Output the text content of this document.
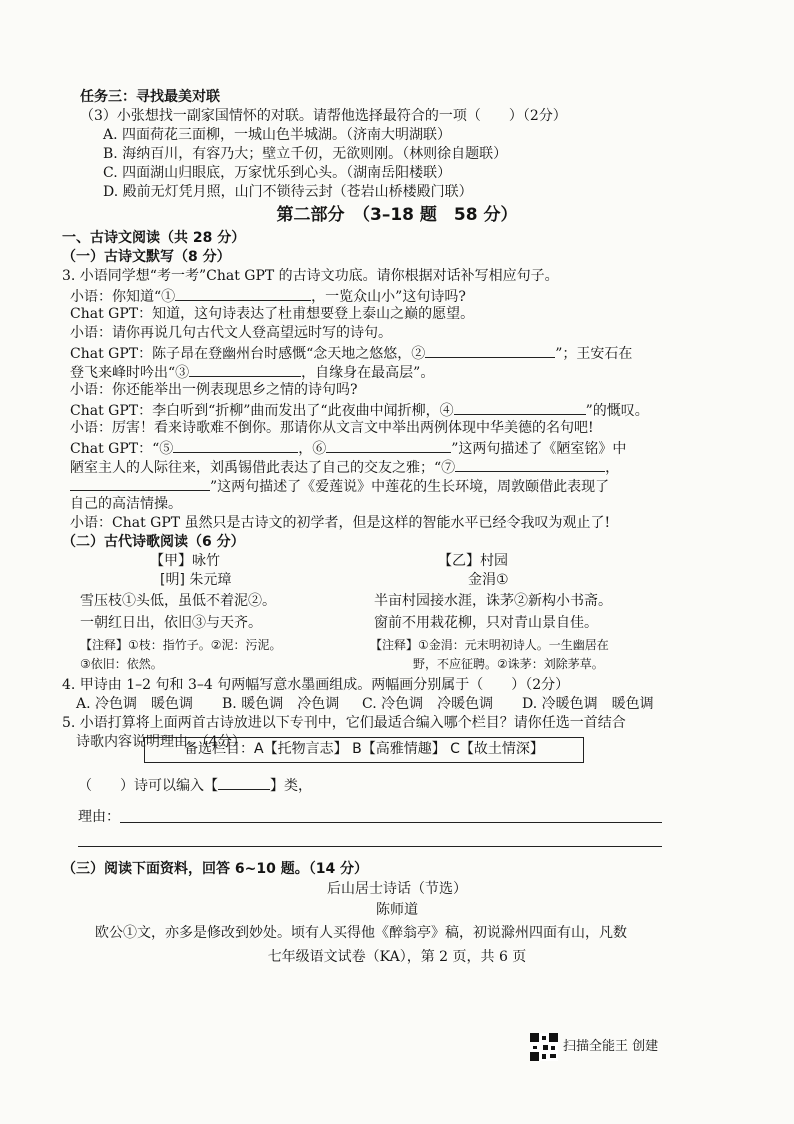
任务三：寻找最美对联
（3）小张想找一副家国情怀的对联。请帮他选择最符合的一项（　　）（2分）
A. 四面荷花三面柳，一城山色半城湖。（济南大明湖联）
B. 海纳百川，有容乃大；壁立千仞，无欲则刚。（林则徐自题联）
C. 四面湖山归眼底，万家忧乐到心头。（湖南岳阳楼联）
D. 殿前无灯凭月照，山门不锁待云封（苍岩山桥楼殿门联）
第二部分　（3–18 题　58 分）
一、古诗文阅读（共 28 分）
（一）古诗文默写（8 分）
3. 小语同学想“考一考”Chat GPT 的古诗文功底。请你根据对话补写相应句子。
小语：你知道“①	，一览众山小”这句诗吗?
Chat GPT：知道，这句诗表达了杜甫想要登上泰山之巅的愿望。
小语：请你再说几句古代文人登高望远时写的诗句。
Chat GPT：陈子昂在登幽州台时感慨“念天地之悠悠，②	”；王安石在
登飞来峰时吟出“③	，自缘身在最高层”。
小语：你还能举出一例表现思乡之情的诗句吗?
Chat GPT：李白听到“折柳”曲而发出了“此夜曲中闻折柳，④	”的慨叹。
小语：厉害！看来诗歌难不倒你。那请你从文言文中举出两例体现中华美德的名句吧!
Chat GPT：“⑤	，⑥	”这两句描述了《陋室铭》中
陋室主人的人际往来，刘禹锡借此表达了自己的交友之雅；“⑦	，
”这两句描述了《爱莲说》中莲花的生长环境，周敦颐借此表现了
自己的高洁情操。
小语：Chat GPT 虽然只是古诗文的初学者，但是这样的智能水平已经令我叹为观止了!
（二）古代诗歌阅读（6 分）
【甲】咏竹
[明] 朱元璋
雪压枝①头低，虽低不着泥②。
一朝红日出，依旧③与天齐。
【注释】①枝：指竹子。②泥：污泥。
③依旧：依然。
【乙】村园
金涓①
半亩村园接水涯，诛茅②新构小书斋。
窗前不用栽花柳，只对青山景自佳。
【注释】①金涓：元末明初诗人。一生幽居在
野，不应征聘。②诛茅：刘除茅草。
4. 甲诗由 1–2 句和 3–4 句两幅写意水墨画组成。两幅画分别属于（　　）（2分）
A. 冷色调　暖色调 B. 暖色调　冷色调 C. 冷色调　冷暖色调 D. 冷暖色调　暖色调
5. 小语打算将上面两首古诗放进以下专刊中，它们最适合编入哪个栏目？请你任选一首结合
诗歌内容说明理由。（4分）
备选栏目：A【托物言志】 B【高雅情趣】 C【故土情深】
（　　）诗可以编入【	】类，
理由：
（三）阅读下面资料，回答 6~10 题。（14 分）
后山居士诗话（节选）
陈师道
欧公①文，亦多是修改到妙处。顷有人买得他《醉翁亭》稿，初说滁州四面有山，凡数
七年级语文试卷（KA），第 2 页，共 6 页
扫描全能王 创建
